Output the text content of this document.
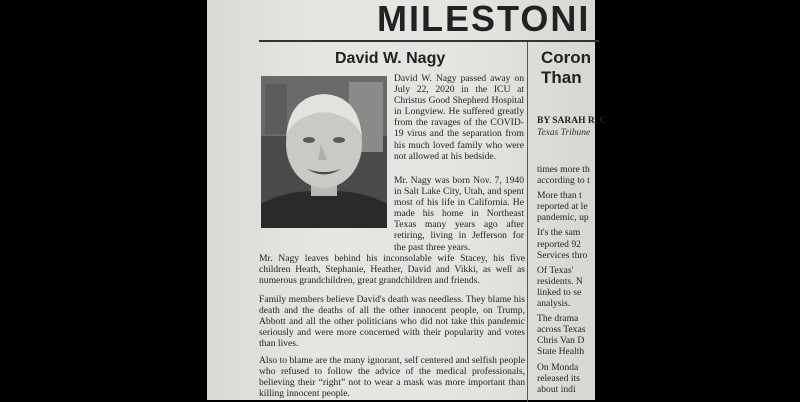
MILESTONI
David W. Nagy

David W. Nagy passed away on July 22, 2020 in the ICU at Christus Good Shepherd Hospital in Longview. He suffered greatly from the ravages of the COVID-19 virus and the separation from his much loved family who were not allowed at his bedside.

Mr. Nagy was born Nov. 7, 1940 in Salt Lake City, Utah, and spent most of his life in California. He made his home in Northeast Texas many years ago after retiring, living in Jefferson for the past three years.

Mr. Nagy leaves behind his inconsolable wife Stacey, his five children Heath, Stephanie, Heather, David and Vikki, as well as numerous grandchildren, great grandchildren and friends.

Family members believe David's death was needless. They blame his death and the deaths of all the other innocent people, on Trump, Abbott and all the other politicians who did not take this pandemic seriously and were more concerned with their popularity and votes than lives.

Also to blame are the many ignorant, self centered and selfish people who refused to follow the advice of the medical professionals, believing their “right” not to wear a mask was more important than killing innocent people.

Coron
Than
BY SARAH R. C
Texas Tribune
times more th
according to t
More than t
reported at le
pandemic, up
It's the sam
reported 92
Services thro
Of Texas'
residents. N
linked to se
analysis.
The drama
across Texas
Chris Van D
State Health
On Monda
released its
about indi
